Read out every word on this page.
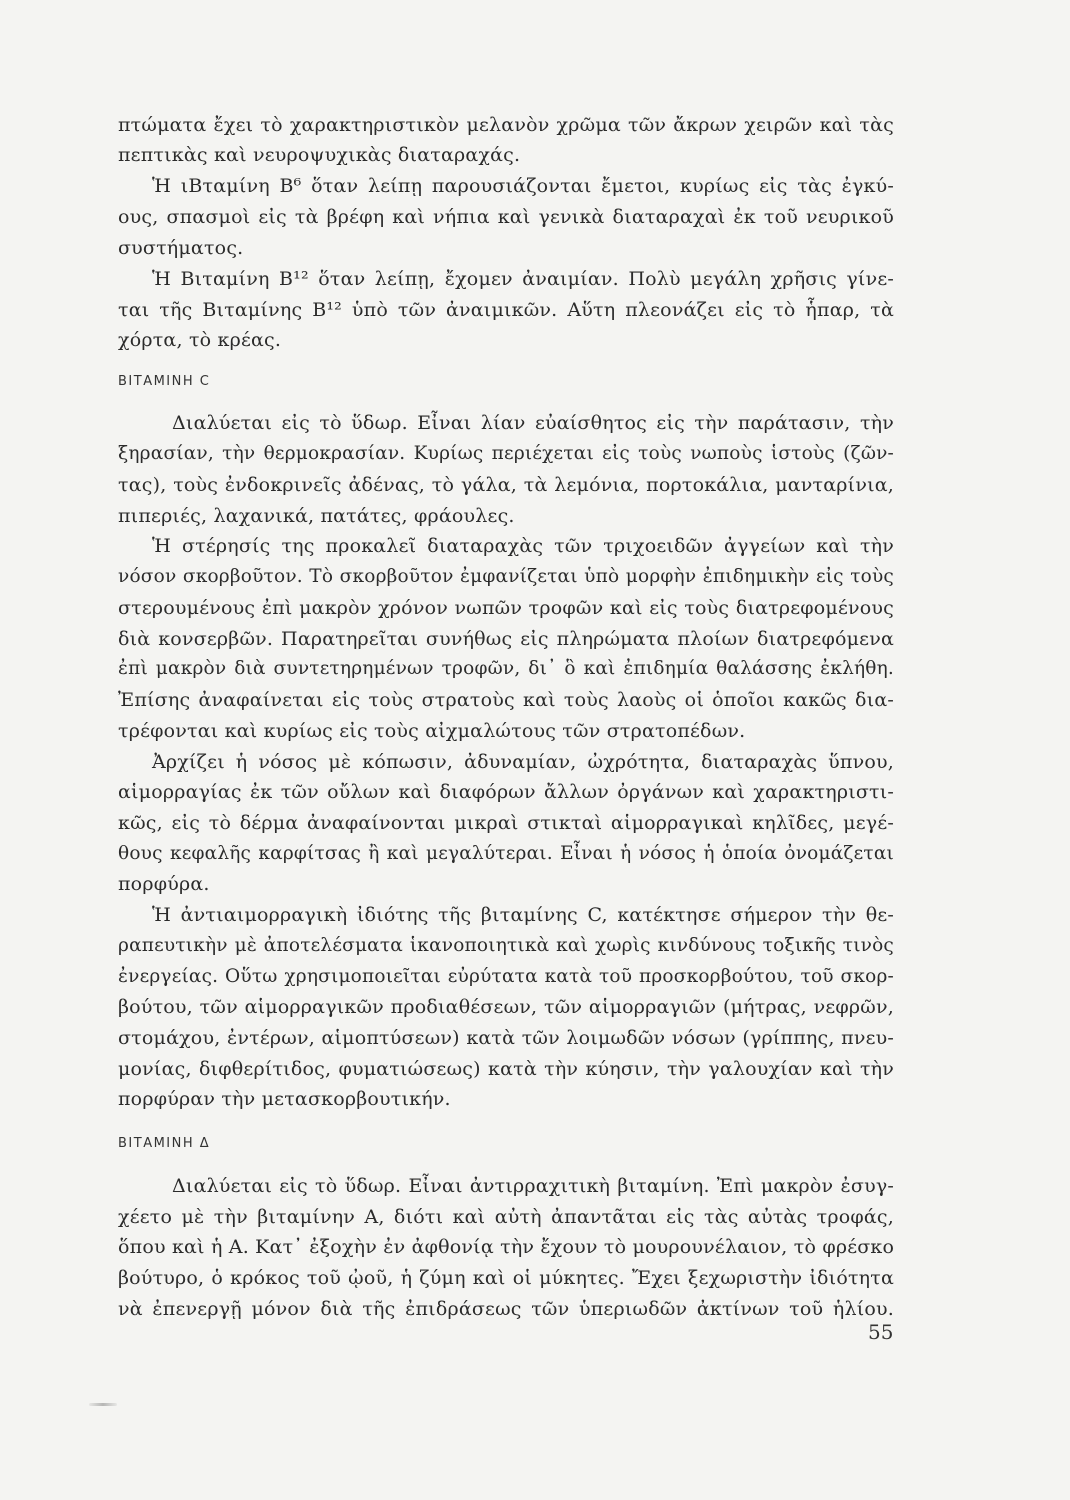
πτώματα ἔχει τὸ χαρακτηριστικὸν μελανὸν χρῶμα τῶν ἄκρων χειρῶν καὶ τὰς
πεπτικὰς καὶ νευροψυχικὰς διαταραχάς.
Ἡ ιΒταμίνη Β⁶ ὅταν λείπῃ παρουσιάζονται ἔμετοι, κυρίως εἰς τὰς ἐγκύ-
ους, σπασμοὶ εἰς τὰ βρέφη καὶ νήπια καὶ γενικὰ διαταραχαὶ ἐκ τοῦ νευρικοῦ
συστήματος.
Ἡ Βιταμίνη Β¹² ὅταν λείπῃ, ἔχομεν ἀναιμίαν. Πολὺ μεγάλη χρῆσις γίνε-
ται τῆς Βιταμίνης Β¹² ὑπὸ τῶν ἀναιμικῶν. Αὕτη πλεονάζει εἰς τὸ ἧπαρ, τὰ
χόρτα, τὸ κρέας.
ΒΙΤΑΜΙΝΗ C
Διαλύεται εἰς τὸ ὕδωρ. Εἶναι λίαν εὐαίσθητος εἰς τὴν παράτασιν, τὴν
ξηρασίαν, τὴν θερμοκρασίαν. Κυρίως περιέχεται εἰς τοὺς νωποὺς ἱστοὺς (ζῶν-
τας), τοὺς ἐνδοκρινεῖς ἀδένας, τὸ γάλα, τὰ λεμόνια, πορτοκάλια, μανταρίνια,
πιπεριές, λαχανικά, πατάτες, φράουλες.
Ἡ στέρησίς της προκαλεῖ διαταραχὰς τῶν τριχοειδῶν ἀγγείων καὶ τὴν
νόσον σκορβοῦτον. Τὸ σκορβοῦτον ἐμφανίζεται ὑπὸ μορφὴν ἐπιδημικὴν εἰς τοὺς
στερουμένους ἐπὶ μακρὸν χρόνον νωπῶν τροφῶν καὶ εἰς τοὺς διατρεφομένους
διὰ κονσερβῶν. Παρατηρεῖται συνήθως εἰς πληρώματα πλοίων διατρεφόμενα
ἐπὶ μακρὸν διὰ συντετηρημένων τροφῶν, δι᾿ ὃ καὶ ἐπιδημία θαλάσσης ἐκλήθη.
Ἐπίσης ἀναφαίνεται εἰς τοὺς στρατοὺς καὶ τοὺς λαοὺς οἱ ὁποῖοι κακῶς δια-
τρέφονται καὶ κυρίως εἰς τοὺς αἰχμαλώτους τῶν στρατοπέδων.
Ἀρχίζει ἡ νόσος μὲ κόπωσιν, ἀδυναμίαν, ὠχρότητα, διαταραχὰς ὕπνου,
αἱμορραγίας ἐκ τῶν οὔλων καὶ διαφόρων ἄλλων ὀργάνων καὶ χαρακτηριστι-
κῶς, εἰς τὸ δέρμα ἀναφαίνονται μικραὶ στικταὶ αἱμορραγικαὶ κηλῖδες, μεγέ-
θους κεφαλῆς καρφίτσας ἢ καὶ μεγαλύτεραι. Εἶναι ἡ νόσος ἡ ὁποία ὀνομάζεται
πορφύρα.
Ἡ ἀντιαιμορραγικὴ ἰδιότης τῆς βιταμίνης C, κατέκτησε σήμερον τὴν θε-
ραπευτικὴν μὲ ἀποτελέσματα ἱκανοποιητικὰ καὶ χωρὶς κινδύνους τοξικῆς τινὸς
ἐνεργείας. Οὕτω χρησιμοποιεῖται εὐρύτατα κατὰ τοῦ προσκορβούτου, τοῦ σκορ-
βούτου, τῶν αἱμορραγικῶν προδιαθέσεων, τῶν αἱμορραγιῶν (μήτρας, νεφρῶν,
στομάχου, ἐντέρων, αἱμοπτύσεων) κατὰ τῶν λοιμωδῶν νόσων (γρίππης, πνευ-
μονίας, διφθερίτιδος, φυματιώσεως) κατὰ τὴν κύησιν, τὴν γαλουχίαν καὶ τὴν
πορφύραν τὴν μετασκορβουτικήν.
ΒΙΤΑΜΙΝΗ Δ
Διαλύεται εἰς τὸ ὕδωρ. Εἶναι ἀντιρραχιτικὴ βιταμίνη. Ἐπὶ μακρὸν ἐσυγ-
χέετο μὲ τὴν βιταμίνην Α, διότι καὶ αὐτὴ ἀπαντᾶται εἰς τὰς αὐτὰς τροφάς,
ὅπου καὶ ἡ Α. Κατ᾿ ἐξοχὴν ἐν ἀφθονίᾳ τὴν ἔχουν τὸ μουρουνέλαιον, τὸ φρέσκο
βούτυρο, ὁ κρόκος τοῦ ᾠοῦ, ἡ ζύμη καὶ οἱ μύκητες. Ἔχει ξεχωριστὴν ἰδιότητα
νὰ ἐπενεργῇ μόνον διὰ τῆς ἐπιδράσεως τῶν ὑπεριωδῶν ἀκτίνων τοῦ ἡλίου.
55
